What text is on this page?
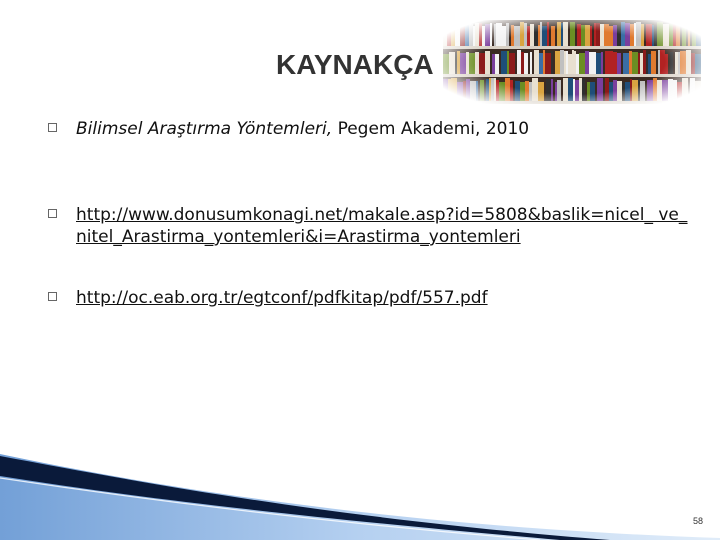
KAYNAKÇA
Bilimsel Araştırma Yöntemleri, Pegem Akademi, 2010
http://www.donusumkonagi.net/makale.asp?id=5808&baslik=nicel_ ve_nitel_Arastirma_yontemleri&i=Arastirma_yontemleri
http://oc.eab.org.tr/egtconf/pdfkitap/pdf/557.pdf
58
